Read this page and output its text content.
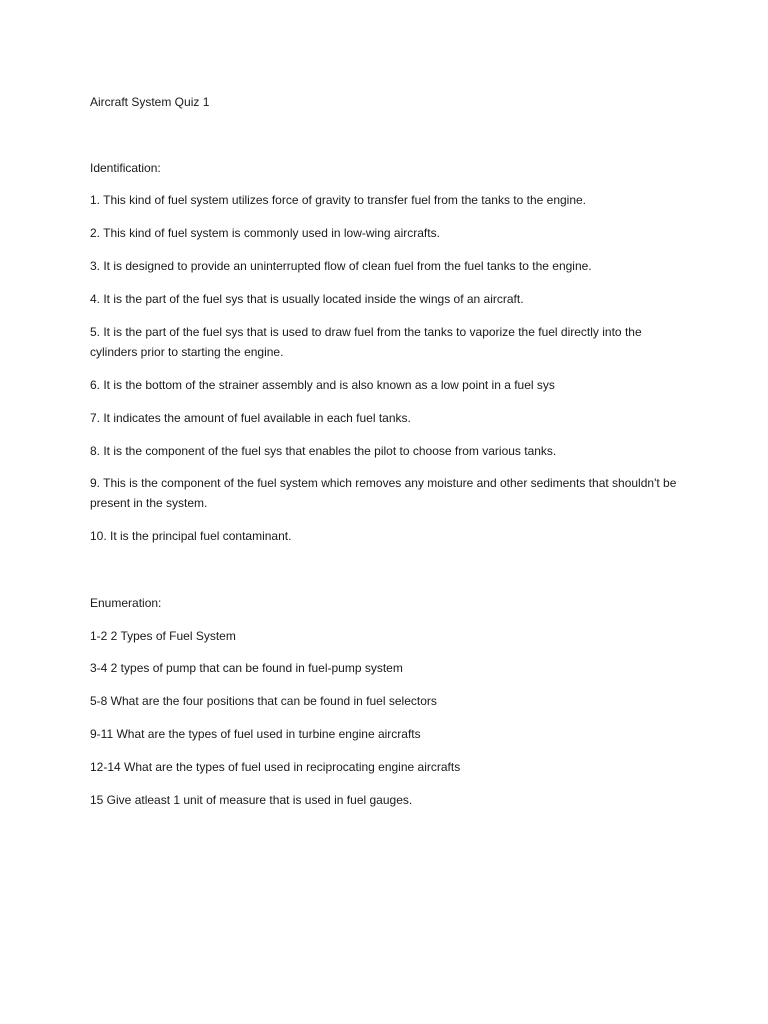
Aircraft System Quiz 1
Identification:
1. This kind of fuel system utilizes force of gravity to transfer fuel from the tanks to the engine.
2. This kind of fuel system is commonly used in low-wing aircrafts.
3. It is designed to provide an uninterrupted flow of clean fuel from the fuel tanks to the engine.
4. It is the part of the fuel sys that is usually located inside the wings of an aircraft.
5. It is the part of the fuel sys that is used to draw fuel from the tanks to vaporize the fuel directly into the cylinders prior to starting the engine.
6. It is the bottom of the strainer assembly and is also known as a low point in a fuel sys
7. It indicates the amount of fuel available in each fuel tanks.
8. It is the component of the fuel sys that enables the pilot to choose from various tanks.
9. This is the component of the fuel system which removes any moisture and other sediments that shouldn't be present in the system.
10. It is the principal fuel contaminant.
Enumeration:
1-2 2 Types of Fuel System
3-4 2 types of pump that can be found in fuel-pump system
5-8 What are the four positions that can be found in fuel selectors
9-11 What are the types of fuel used in turbine engine aircrafts
12-14 What are the types of fuel used in reciprocating engine aircrafts
15 Give atleast 1 unit of measure that is used in fuel gauges.
